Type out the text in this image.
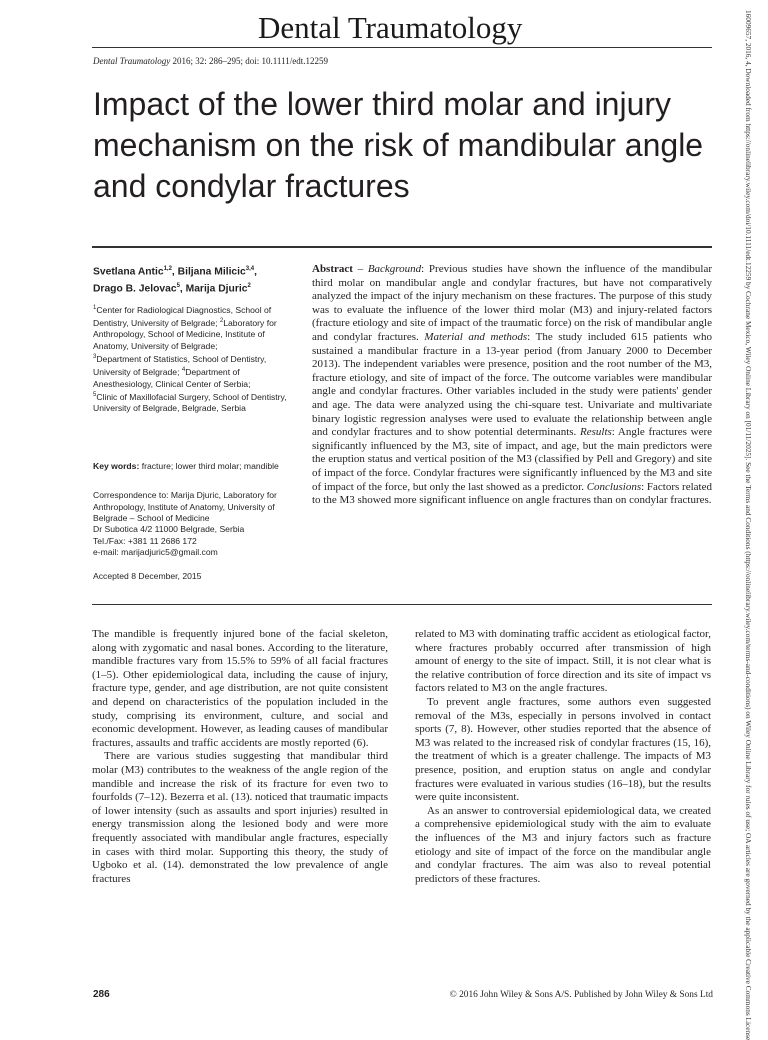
Dental Traumatology
Dental Traumatology 2016; 32: 286–295; doi: 10.1111/edt.12259
Impact of the lower third molar and injury mechanism on the risk of mandibular angle and condylar fractures
Svetlana Antic$^{1,2}$, Biljana Milicic$^{3,4}$,
Drago B. Jelovac$^5$, Marija Djuric$^2$

$^1$Center for Radiological Diagnostics, School of Dentistry, University of Belgrade; $^2$Laboratory for Anthropology, School of Medicine, Institute of Anatomy, University of Belgrade;

$^3$Department of Statistics, School of Dentistry, University of Belgrade; $^4$Department of Anesthesiology, Clinical Center of Serbia;

$^5$Clinic of Maxillofacial Surgery, School of Dentistry, University of Belgrade, Belgrade, Serbia

Key words: fracture; lower third molar; mandible
Correspondence to: Marija Djuric, Laboratory for Anthropology, Institute of Anatomy, University of Belgrade – School of Medicine
Dr Subotica 4/2 11000 Belgrade, Serbia
Tel./Fax: +381 11 2686 172
e-mail: marijadjuric5@gmail.com
Accepted 8 December, 2015
Abstract – Background: Previous studies have shown the influence of the mandibular third molar on mandibular angle and condylar fractures, but have not comparatively analyzed the impact of the injury mechanism on these fractures. The purpose of this study was to evaluate the influence of the lower third molar (M3) and injury-related factors (fracture etiology and site of impact of the traumatic force) on the risk of mandibular angle and condylar fractures. Material and methods: The study included 615 patients who sustained a mandibular fracture in a 13-year period (from January 2000 to December 2013). The independent variables were presence, position and the root number of the M3, fracture etiology, and site of impact of the force. The outcome variables were mandibular angle and condylar fractures. Other variables included in the study were patients' gender and age. The data were analyzed using the chi-square test. Univariate and multivariate binary logistic regression analyses were used to evaluate the relationship between angle and condylar fractures and to show potential determinants. Results: Angle fractures were significantly influenced by the M3, site of impact, and age, but the main predictors were the eruption status and vertical position of the M3 (classified by Pell and Gregory) and site of impact of the force. Condylar fractures were significantly influenced by the M3 and site of impact of the force, but only the last showed as a predictor. Conclusions: Factors related to the M3 showed more significant influence on angle fractures than on condylar fractures.

The mandible is frequently injured bone of the facial skeleton, along with zygomatic and nasal bones. According to the literature, mandible fractures vary from 15.5% to 59% of all facial fractures (1–5). Other epidemiological data, including the cause of injury, fracture type, gender, and age distribution, are not quite consistent and depend on characteristics of the population included in the study, comprising its environment, culture, and social and economic development. However, as leading causes of mandibular fractures, assaults and traffic accidents are mostly reported (6).

There are various studies suggesting that mandibular third molar (M3) contributes to the weakness of the angle region of the mandible and increase the risk of its fracture for even two to fourfolds (7–12). Bezerra et al. (13). noticed that traumatic impacts of lower intensity (such as assaults and sport injuries) resulted in energy transmission along the lesioned body and were more frequently associated with mandibular angle fractures, especially in cases with third molar. Supporting this theory, the study of Ugboko et al. (14). demonstrated the low prevalence of angle fractures

related to M3 with dominating traffic accident as etiological factor, where fractures probably occurred after transmission of high amount of energy to the site of impact. Still, it is not clear what is the relative contribution of force direction and its site of impact vs factors related to M3 on the angle fractures.

To prevent angle fractures, some authors even suggested removal of the M3s, especially in persons involved in contact sports (7, 8). However, other studies reported that the absence of M3 was related to the increased risk of condylar fractures (15, 16), the treatment of which is a greater challenge. The impacts of M3 presence, position, and eruption status on angle and condylar fractures were evaluated in various studies (16–18), but the results were quite inconsistent.

As an answer to controversial epidemiological data, we created a comprehensive epidemiological study with the aim to evaluate the influences of the M3 and injury factors such as fracture etiology and site of impact of the force on the mandibular angle and condylar fractures. The aim was also to reveal potential predictors of these fractures.

286	© 2016 John Wiley & Sons A/S. Published by John Wiley & Sons Ltd	16009657, 2016, 4, Downloaded from https://onlinelibrary.wiley.com/doi/10.1111/edt.12259 by Cochrane Mexico, Wiley Online Library on [01/11/2025]. See the Terms and Conditions (https://onlinelibrary.wiley.com/terms-and-conditions) on Wiley Online Library for rules of use; OA articles are governed by the applicable Creative Commons License
